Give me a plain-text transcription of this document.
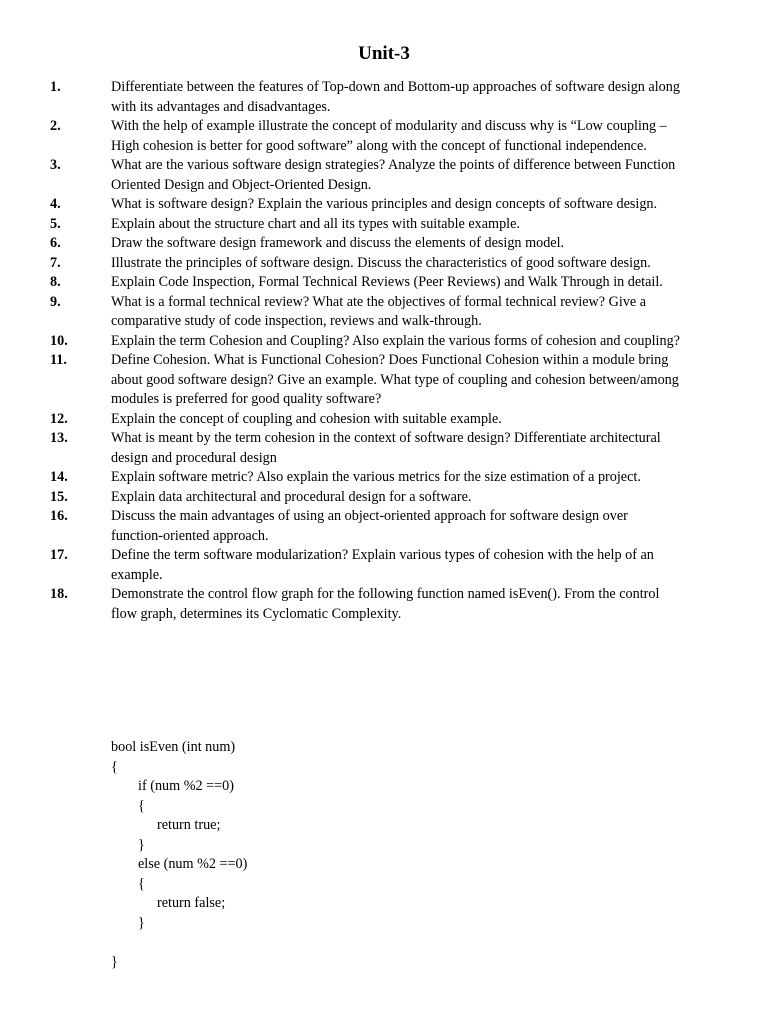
Unit-3
1.	Differentiate between the features of Top-down and Bottom-up approaches of software design along with its advantages and disadvantages.
2.	With the help of example illustrate the concept of modularity and discuss why is “Low coupling –High cohesion is better for good software” along with the concept of functional independence.
3.	What are the various software design strategies? Analyze the points of difference between Function Oriented Design and Object-Oriented Design.
4.	What is software design? Explain the various principles and design concepts of software design.
5.	Explain about the structure chart and all its types with suitable example.
6.	Draw the software design framework and discuss the elements of design model.
7.	Illustrate the principles of software design. Discuss the characteristics of good software design.
8.	Explain Code Inspection, Formal Technical Reviews (Peer Reviews) and Walk Through in detail.
9.	What is a formal technical review? What ate the objectives of formal technical review? Give a comparative study of code inspection, reviews and walk-through.
10.	Explain the term Cohesion and Coupling? Also explain the various forms of cohesion and coupling?
11.	Define Cohesion. What is Functional Cohesion? Does Functional Cohesion within a module bring about good software design? Give an example. What type of coupling and cohesion between/among modules is preferred for good quality software?
12.	Explain the concept of coupling and cohesion with suitable example.
13.	What is meant by the term cohesion in the context of software design? Differentiate architectural design and procedural design
14.	Explain software metric? Also explain the various metrics for the size estimation of a project.
15.	Explain data architectural and procedural design for a software.
16.	Discuss the main advantages of using an object-oriented approach for software design over function-oriented approach.
17.	Define the term software modularization? Explain various types of cohesion with the help of an example.
18.	Demonstrate the control flow graph for the following function named isEven(). From the control flow graph, determines its Cyclomatic Complexity.
bool isEven (int num)
{
if (num %2 ==0)
{
return true;
}
else (num %2 ==0)
{
return false;
}
}
